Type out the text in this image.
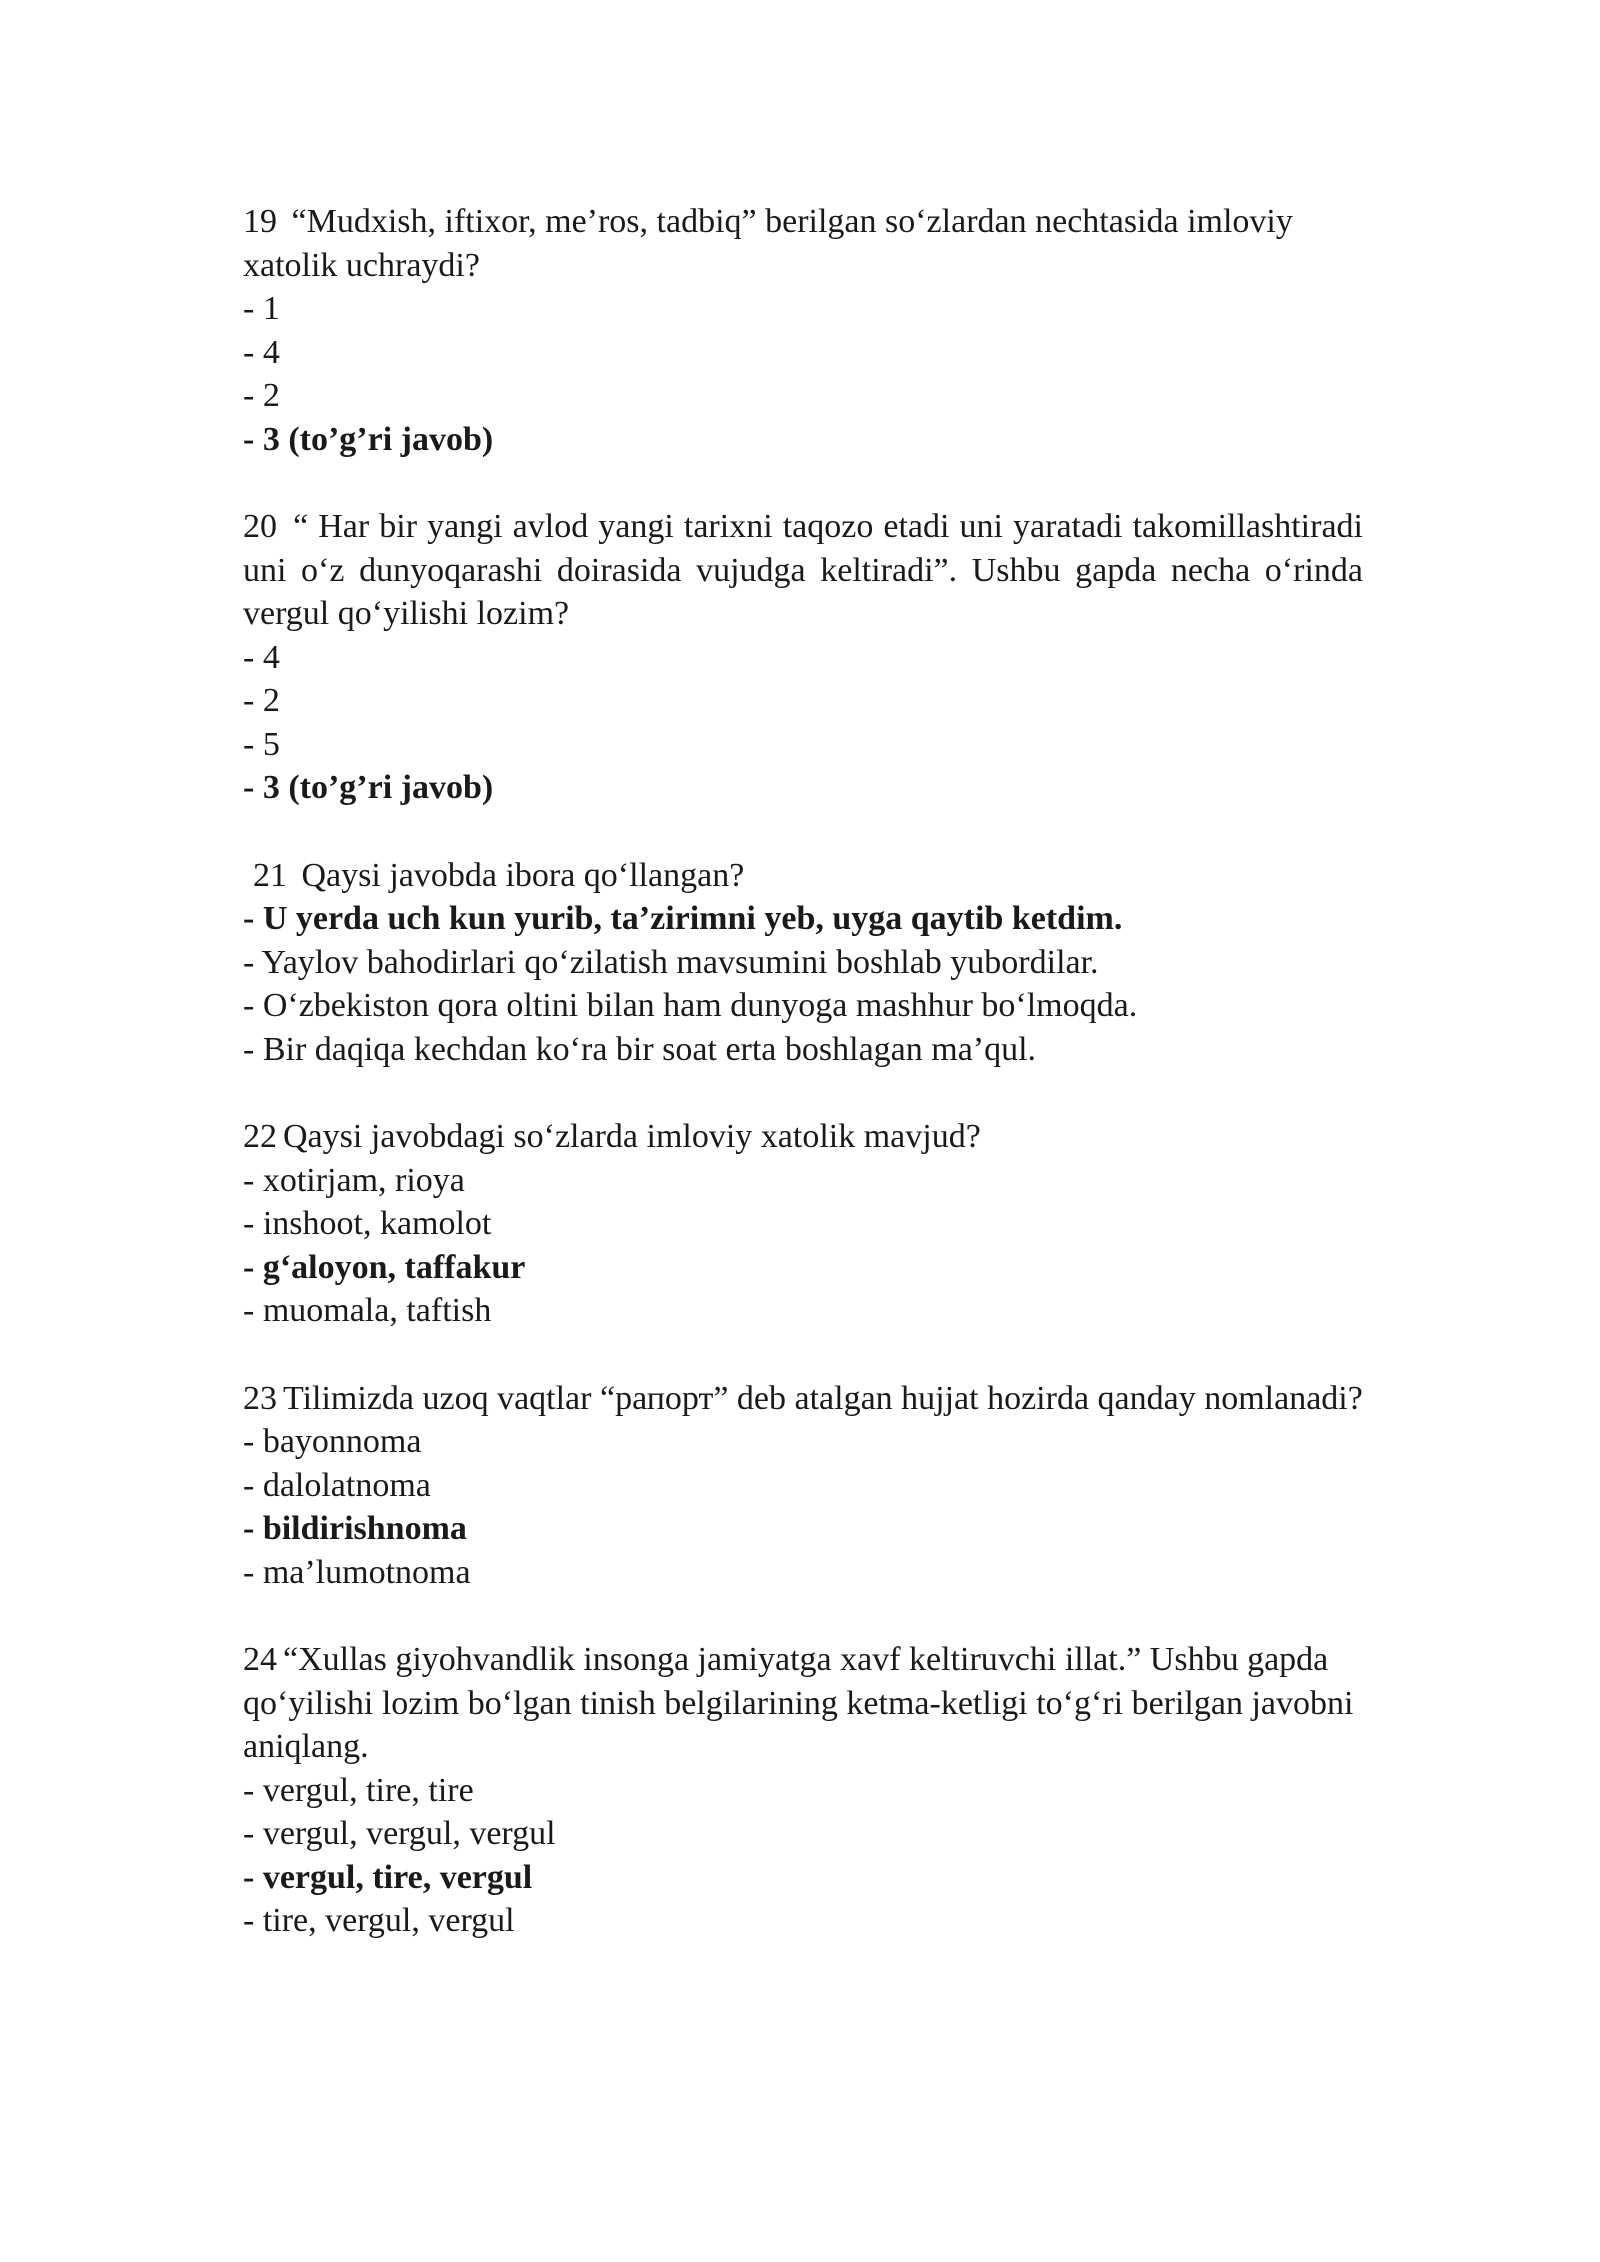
19 “Mudxish, iftixor, me’ros, tadbiq” berilgan so‘zlardan nechtasida imloviy xatolik uchraydi?

- 1
- 4
- 2
- 3 (to’g’ri javob)

20 “ Har bir yangi avlod yangi tarixni taqozo etadi uni yaratadi takomillashtiradi uni o‘z dunyoqarashi doirasida vujudga keltiradi”. Ushbu gapda necha o‘rinda vergul qo‘yilishi lozim?

- 4
- 2
- 5
- 3 (to’g’ri javob)

21 Qaysi javobda ibora qo‘llangan?

- U yerda uch kun yurib, ta’zirimni yeb, uyga qaytib ketdim.
- Yaylov bahodirlari qo‘zilatish mavsumini boshlab yubordilar.
- O‘zbekiston qora oltini bilan ham dunyoga mashhur bo‘lmoqda.
- Bir daqiqa kechdan ko‘ra bir soat erta boshlagan ma’qul.

22 Qaysi javobdagi so‘zlarda imloviy xatolik mavjud?

- xotirjam, rioya
- inshoot, kamolot
- g‘aloyon, taffakur
- muomala, taftish

23 Tilimizda uzoq vaqtlar “рапорт” deb atalgan hujjat hozirda qanday nomlanadi?

- bayonnoma
- dalolatnoma
- bildirishnoma
- ma’lumotnoma

24 “Xullas giyohvandlik insonga jamiyatga xavf keltiruvchi illat.” Ushbu gapda qo‘yilishi lozim bo‘lgan tinish belgilarining ketma-ketligi to‘g‘ri berilgan javobni aniqlang.

- vergul, tire, tire
- vergul, vergul, vergul
- vergul, tire, vergul
- tire, vergul, vergul
